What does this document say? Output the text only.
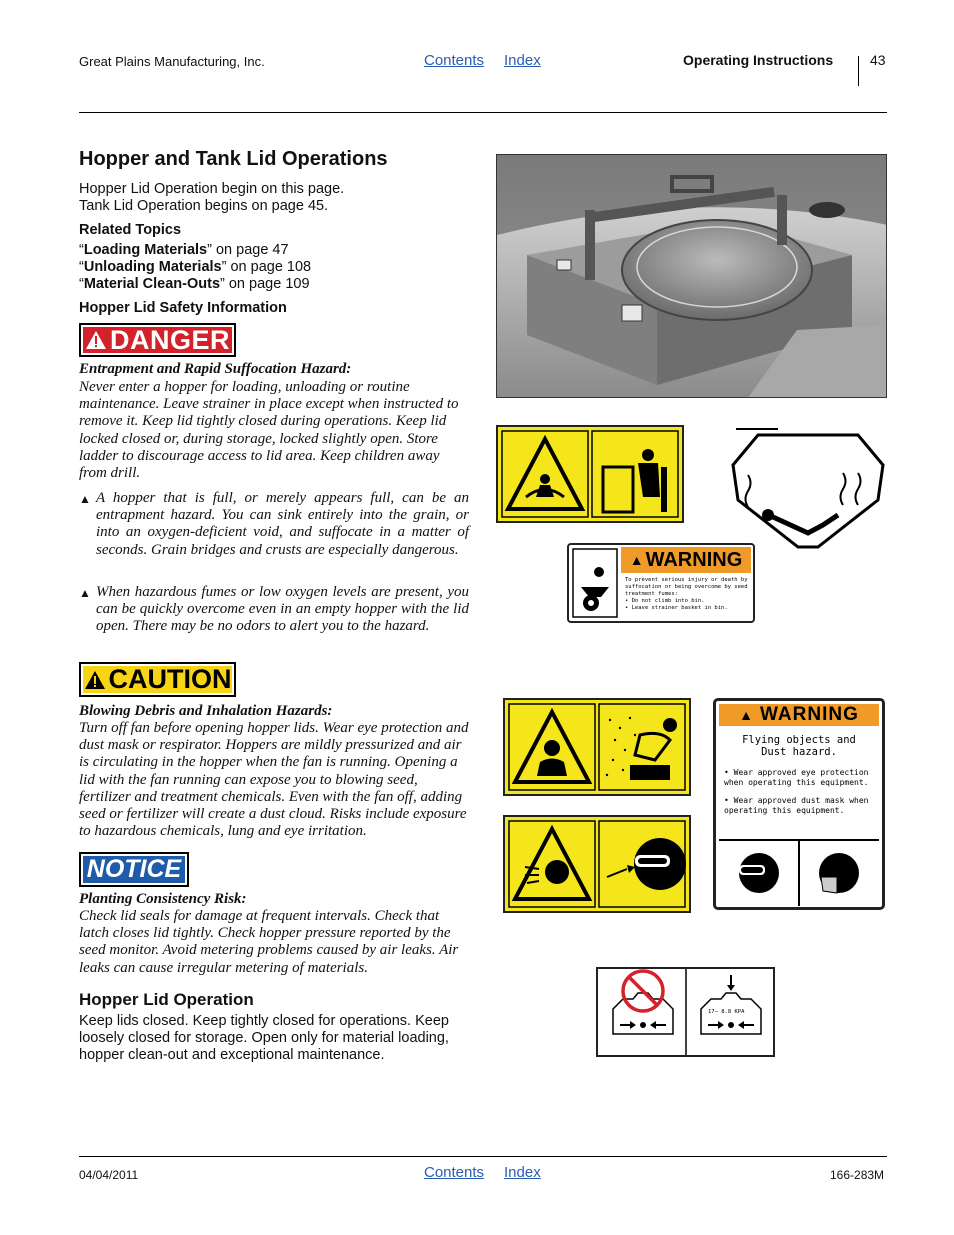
Great Plains Manufacturing, Inc.	Contents Index	Operating Instructions	43
Hopper and Tank Lid Operations
Hopper Lid Operation begin on this page.
Tank Lid Operation begins on page 45.
Related Topics
“Loading Materials” on page 47
“Unloading Materials” on page 108
“Material Clean-Outs” on page 109
Hopper Lid Safety Information
DANGER
Entrapment and Rapid Suffocation Hazard:
Never enter a hopper for loading, unloading or routine maintenance. Leave strainer in place except when instructed to remove it. Keep lid tightly closed during operations. Keep lid locked closed or, during storage, locked slightly open. Store ladder to discourage access to lid area. Keep children away from drill.
▲ A hopper that is full, or merely appears full, can be an entrapment hazard. You can sink entirely into the grain, or into an oxygen-deficient void, and suffocate in a matter of seconds. Grain bridges and crusts are especially dangerous.
▲ When hazardous fumes or low oxygen levels are present, you can be quickly overcome even in an empty hopper with the lid open. There may be no odors to alert you to the hazard.
CAUTION
Blowing Debris and Inhalation Hazards:
Turn off fan before opening hopper lids. Wear eye protection and dust mask or respirator. Hoppers are mildly pressurized and air is circulating in the hopper when the fan is running. Opening a lid with the fan running can expose you to blowing seed, fertilizer and treatment chemicals. Even with the fan off, adding seed or fertilizer will create a dust cloud. Risks include exposure to hazardous chemicals, lung and eye irritation.
NOTICE
Planting Consistency Risk:
Check lid seals for damage at frequent intervals. Check that latch closes lid tightly. Check hopper pressure reported by the seed monitor. Avoid metering problems caused by air leaks. Air leaks can cause irregular metering of materials.
Hopper Lid Operation
Keep lids closed. Keep tightly closed for operations. Keep loosely closed for storage. Open only for material loading, hopper clean-out and exceptional maintenance.
▲ WARNING
To prevent serious injury or death by suffocation or being overcome by seed treatment fumes:
• Do not climb into bin.
• Leave strainer basket in bin.
▲ WARNING
Flying objects and
Dust hazard.
• Wear approved eye protection when operating this equipment.
• Wear approved dust mask when operating this equipment.
17— 8.8 KPA
04/04/2011	Contents Index	166-283M
